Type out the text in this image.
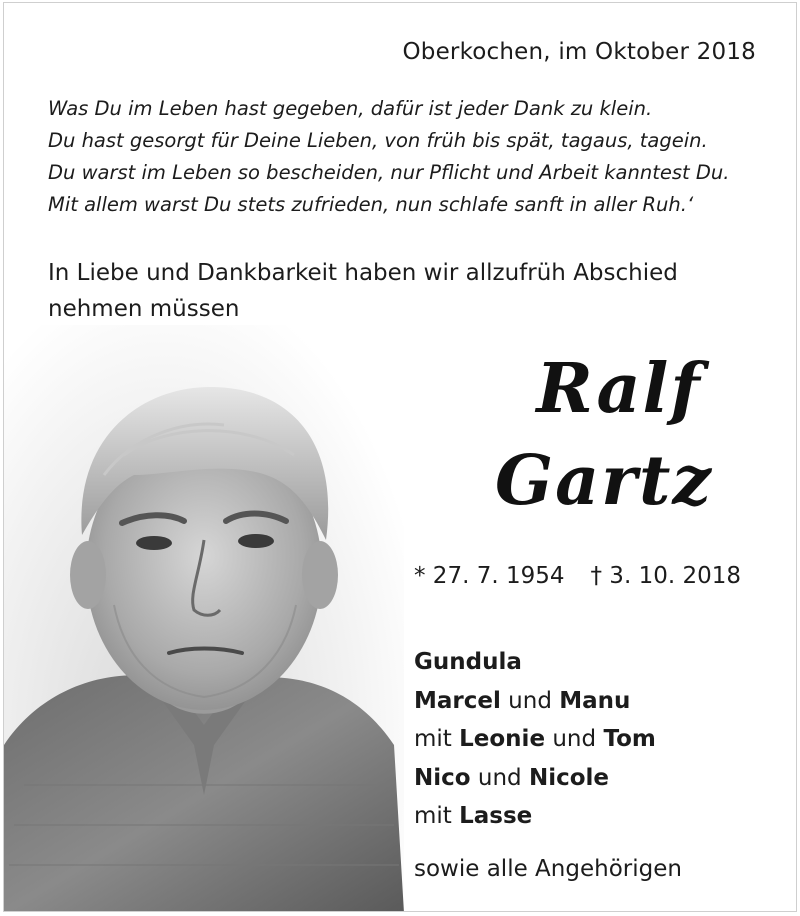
Oberkochen, im Oktober 2018
Was Du im Leben hast gegeben, dafür ist jeder Dank zu klein.
Du hast gesorgt für Deine Lieben, von früh bis spät, tagaus, tagein.
Du warst im Leben so bescheiden, nur Pflicht und Arbeit kanntest Du.
Mit allem warst Du stets zufrieden, nun schlafe sanft in aller Ruh.‘
In Liebe und Dankbarkeit haben wir allzufrüh Abschied
nehmen müssen
Ralf
Gartz
* 27. 7. 1954 † 3. 10. 2018
Gundula
Marcel und Manu
mit Leonie und Tom
Nico und Nicole
mit Lasse
sowie alle Angehörigen
